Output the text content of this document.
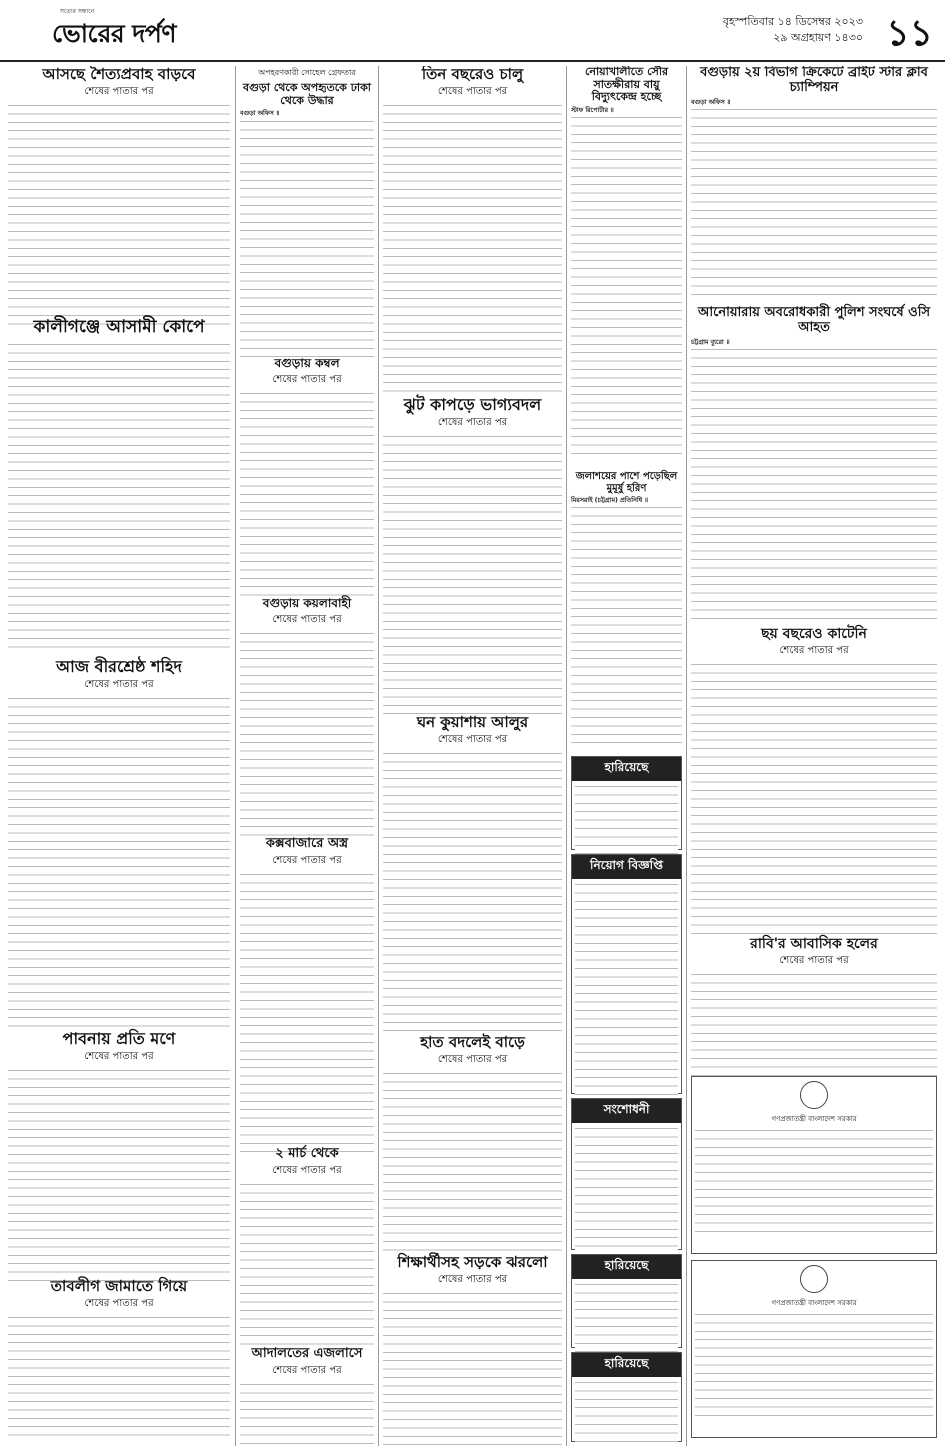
সত্যের সন্ধানে
ভোরের দর্পণ	বৃহস্পতিবার ১৪ ডিসেম্বর ২০২৩
২৯ অগ্রহায়ণ ১৪৩০ ১১
আসছে শৈত্যপ্রবাহ বাড়বে
শেষের পাতার পর
কালীগঞ্জে আসামী কোপে
আজ বীরশ্রেষ্ঠ শহিদ
শেষের পাতার পর
পাবনায় প্রতি মণে
শেষের পাতার পর
তাবলীগ জামাতে গিয়ে
শেষের পাতার পর
অপহরণকারী সোহেল গ্রেফতার
বগুড়া থেকে অপহৃতকে ঢাকা থেকে উদ্ধার
বগুড়া অফিস ॥
বগুড়ায় কম্বল
শেষের পাতার পর
বগুড়ায় কয়লাবাহী
শেষের পাতার পর
কক্সবাজারে অস্ত্র
শেষের পাতার পর
২ মার্চ থেকে
শেষের পাতার পর
আদালতের এজলাসে
শেষের পাতার পর
তিন বছরেও চালু
শেষের পাতার পর
ঝুট কাপড়ে ভাগ্যবদল
শেষের পাতার পর
ঘন কুয়াশায় আলুর
শেষের পাতার পর
হাত বদলেই বাড়ে
শেষের পাতার পর
শিক্ষার্থীসহ সড়কে ঝরলো
শেষের পাতার পর
নোয়াখালীতে সৌর সাতক্ষীরায় বায়ু বিদ্যুৎকেন্দ্র হচ্ছে
স্টাফ রিপোর্টার ॥
জলাশয়ের পাশে পড়েছিল মুমূর্ষু হরিণ
মিরসরাই (চট্টগ্রাম) প্রতিনিধি ॥
হারিয়েছে
নিয়োগ বিজ্ঞপ্তি
সংশোধনী
হারিয়েছে
হারিয়েছে
বগুড়ায় ২য় বিভাগ ক্রিকেটে ব্রাইট স্টার ক্লাব চ্যাম্পিয়ন
বগুড়া অফিস ॥
আনোয়ারায় অবরোধকারী পুলিশ সংঘর্ষে ওসি আহত
চট্টগ্রাম ব্যুরো ॥
ছয় বছরেও কাটেনি
শেষের পাতার পর
রাবি'র আবাসিক হলের
শেষের পাতার পর
গণপ্রজাতন্ত্রী বাংলাদেশ সরকার
গণপ্রজাতন্ত্রী বাংলাদেশ সরকার
